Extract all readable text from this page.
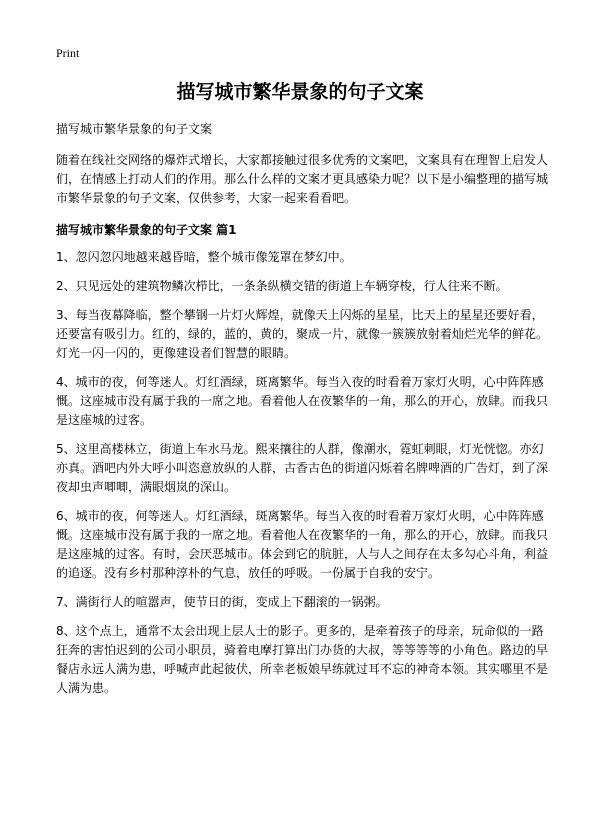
Print
描写城市繁华景象的句子文案

描写城市繁华景象的句子文案

随着在线社交网络的爆炸式增长，大家都接触过很多优秀的文案吧，文案具有在理智上启发人们，在情感上打动人们的作用。那么什么样的文案才更具感染力呢？以下是小编整理的描写城市繁华景象的句子文案，仅供参考，大家一起来看看吧。

描写城市繁华景象的句子文案 篇1

1、忽闪忽闪地越来越昏暗，整个城市像笼罩在梦幻中。

2、只见远处的建筑物鳞次栉比，一条条纵横交错的街道上车辆穿梭，行人往来不断。

3、每当夜幕降临，整个攀钢一片灯火辉煌，就像天上闪烁的星星，比天上的星星还要好看，还要富有吸引力。红的，绿的，蓝的，黄的，聚成一片，就像一簇簇放射着灿烂光华的鲜花。灯光一闪一闪的，更像建设者们智慧的眼睛。

4、城市的夜，何等迷人。灯红酒绿，斑离繁华。每当入夜的时看着万家灯火明，心中阵阵感慨。这座城市没有属于我的一席之地。看着他人在夜繁华的一角，那么的开心，放肆。而我只是这座城的过客。

5、这里高楼林立，街道上车水马龙。熙来攘往的人群，像潮水，霓虹刺眼，灯光恍惚。亦幻亦真。酒吧内外大呼小叫恣意放纵的人群，古香古色的街道闪烁着名牌啤酒的广告灯，到了深夜却虫声唧唧，满眼烟岚的深山。

6、城市的夜，何等迷人。灯红酒绿，斑离繁华。每当入夜的时看着万家灯火明，心中阵阵感慨。这座城市没有属于我的一席之地。看着他人在夜繁华的一角，那么的开心，放肆。而我只是这座城的过客。有时，会厌恶城市。体会到它的肮脏，人与人之间存在太多勾心斗角，利益的追逐。没有乡村那种淳朴的气息，放任的呼吸。一份属于自我的安宁。

7、满街行人的喧嚣声，使节日的街，变成上下翻滚的一锅粥。

8、这个点上，通常不太会出现上层人士的影子。更多的，是牵着孩子的母亲，玩命似的一路狂奔的害怕迟到的公司小职员，骑着电摩打算出门办货的大叔，等等等等的小角色。路边的早餐店永远人满为患，呼喊声此起彼伏，所幸老板娘早练就过耳不忘的神奇本领。其实哪里不是人满为患。
